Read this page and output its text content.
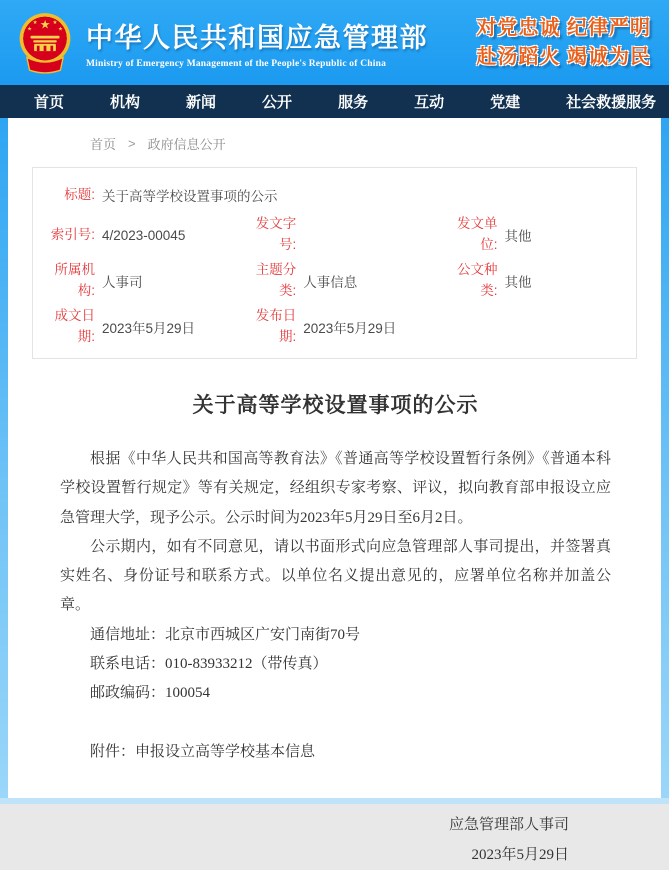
★
★	★
★	★ 中华人民共和国应急管理部
Ministry of Emergency Management of the People's Republic of China
对党忠诚 纪律严明
赴汤蹈火 竭诚为民
首页	机构	新闻	公开	服务	互动	党建	社会救援服务
首页 > 政府信息公开
标题: 关于高等学校设置事项的公示
索引号: 4/2023-00045
发文字号:
发文单位:
其他
所属机构:
人事司
主题分类:
人事信息
公文种类:
其他
成文日期:
2023年5月29日
发布日期:
2023年5月29日
关于高等学校设置事项的公示

根据《中华人民共和国高等教育法》《普通高等学校设置暂行条例》《普通本科学校设置暂行规定》等有关规定，经组织专家考察、评议，拟向教育部申报设立应急管理大学，现予公示。公示时间为2023年5月29日至6月2日。

公示期内，如有不同意见，请以书面形式向应急管理部人事司提出，并签署真实姓名、身份证号和联系方式。以单位名义提出意见的，应署单位名称并加盖公章。

通信地址：北京市西城区广安门南街70号
联系电话：010-83933212（带传真）
邮政编码：100054
附件：申报设立高等学校基本信息
应急管理部人事司
2023年5月29日
